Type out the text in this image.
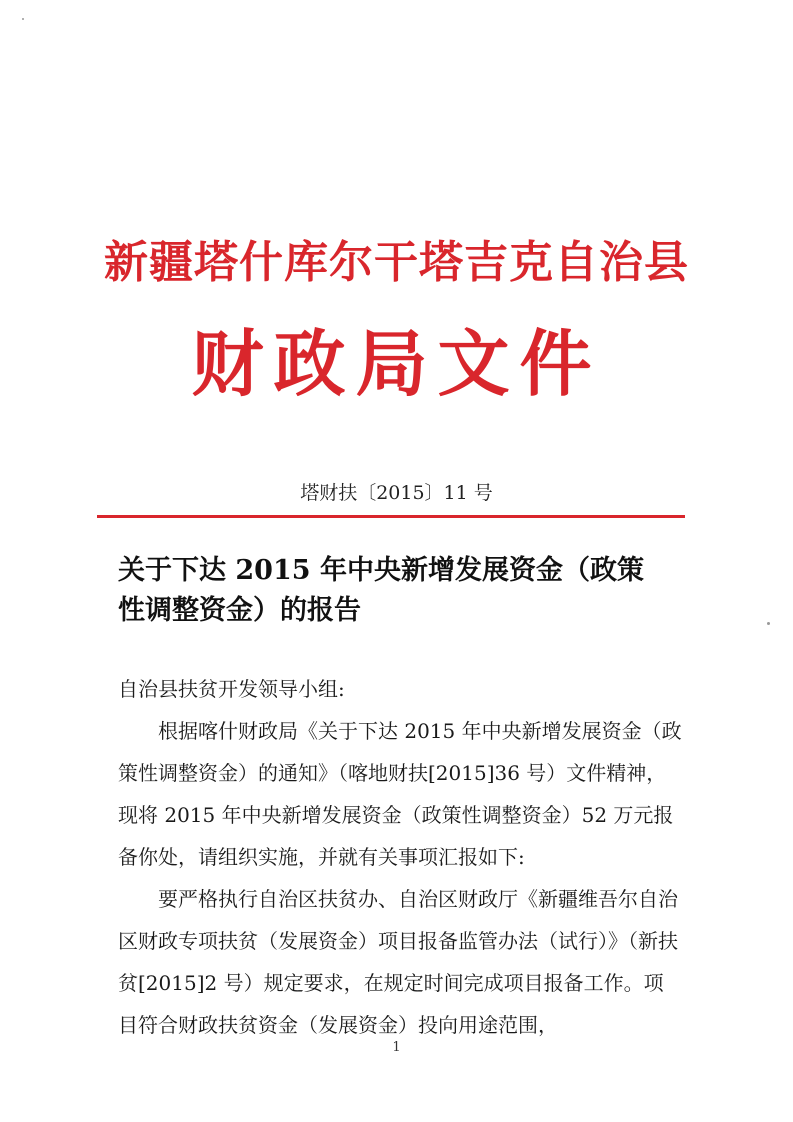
新疆塔什库尔干塔吉克自治县
财政局文件
塔财扶〔2015〕11 号
关于下达 2015 年中央新增发展资金（政策
性调整资金）的报告

自治县扶贫开发领导小组:

根据喀什财政局《关于下达 2015 年中央新增发展资金（政策性调整资金）的通知》（喀地财扶[2015]36 号）文件精神，现将 2015 年中央新增发展资金（政策性调整资金）52 万元报备你处，请组织实施，并就有关事项汇报如下:

要严格执行自治区扶贫办、自治区财政厅《新疆维吾尔自治区财政专项扶贫（发展资金）项目报备监管办法（试行）》（新扶贫[2015]2 号）规定要求，在规定时间完成项目报备工作。项目符合财政扶贫资金（发展资金）投向用途范围，

1
